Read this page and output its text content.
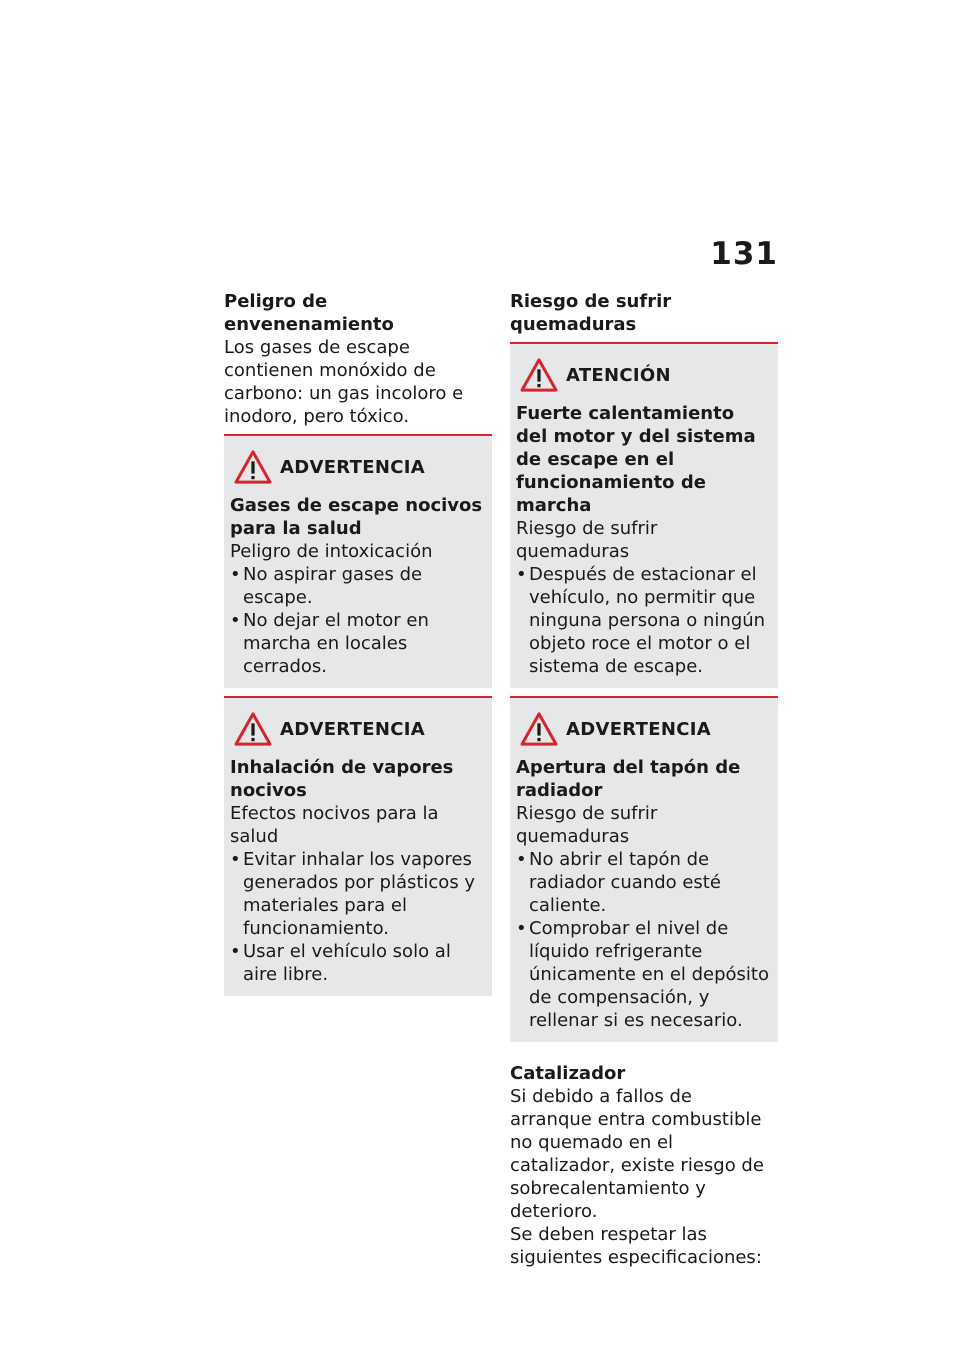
131

Peligro de envenenamiento

Los gases de escape contienen monóxido de carbono: un gas incoloro e inodoro, pero tóxico.

ADVERTENCIA

Gases de escape nocivos para la salud

Peligro de intoxicación

• No aspirar gases de escape.
• No dejar el motor en marcha en locales cerrados.
ADVERTENCIA

Inhalación de vapores nocivos

Efectos nocivos para la salud

• Evitar inhalar los vapores generados por plásticos y materiales para el funcionamiento.
• Usar el vehículo solo al aire libre.

Riesgo de sufrir quemaduras

ATENCIÓN

Fuerte calentamiento del motor y del sistema de escape en el funcionamiento de marcha

Riesgo de sufrir quemaduras

• Después de estacionar el vehículo, no permitir que ninguna persona o ningún objeto roce el motor o el sistema de escape.
ADVERTENCIA

Apertura del tapón de radiador

Riesgo de sufrir quemaduras

• No abrir el tapón de radiador cuando esté caliente.
• Comprobar el nivel de líquido refrigerante únicamente en el depósito de compensación, y rellenar si es necesario.

Catalizador

Si debido a fallos de arranque entra combustible no quemado en el catalizador, existe riesgo de sobrecalentamiento y deterioro.

Se deben respetar las siguientes especificaciones:
